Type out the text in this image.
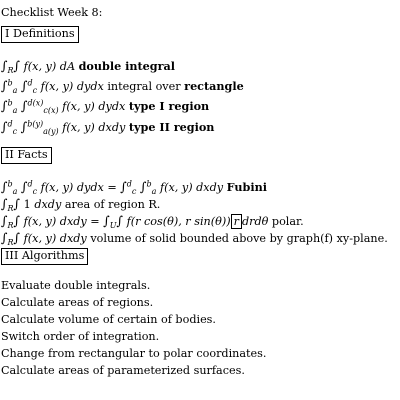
Checklist Week 8:
I Definitions
$\int_R\int$ f(x, y) dA double integral
∫$^b_a$ ∫$^d_c$ f(x, y) dydx integral over rectangle
∫$^b_a$ ∫$^{d(x)}_{c(x)}$ f(x, y) dydx type I region
∫$^d_c$ ∫$^{b(y)}_{a(y)}$ f(x, y) dxdy type II region
II Facts
∫$^b_a$ ∫$^d_c$ f(x, y) dydx = ∫$^d_c$ ∫$^b_a$ f(x, y) dxdy Fubini
$\int_R\int$ 1 dxdy area of region R.
$\int_R\int$ f(x, y) dxdy = $\int_U\int$ f(r cos(θ), r sin(θ)) r drdθ polar.
$\int_R\int$ f(x, y) dxdy volume of solid bounded above by graph(f) xy-plane.
III Algorithms
Evaluate double integrals.
Calculate areas of regions.
Calculate volume of certain of bodies.
Switch order of integration.
Change from rectangular to polar coordinates.
Calculate areas of parameterized surfaces.
